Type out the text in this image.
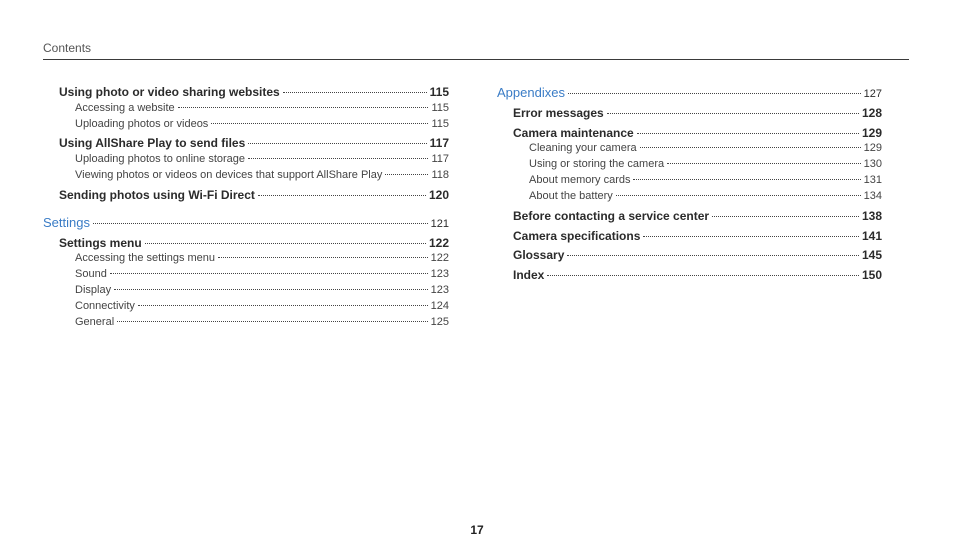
Contents
Using photo or video sharing websites	115
Accessing a website	115
Uploading photos or videos	115
Using AllShare Play to send files	117
Uploading photos to online storage	117
Viewing photos or videos on devices that support AllShare Play	118
Sending photos using Wi-Fi Direct	120
Settings	121
Settings menu	122
Accessing the settings menu	122
Sound	123
Display	123
Connectivity	124
General	125
Appendixes	127
Error messages	128
Camera maintenance	129
Cleaning your camera	129
Using or storing the camera	130
About memory cards	131
About the battery	134
Before contacting a service center	138
Camera specifications	141
Glossary	145
Index	150
17
